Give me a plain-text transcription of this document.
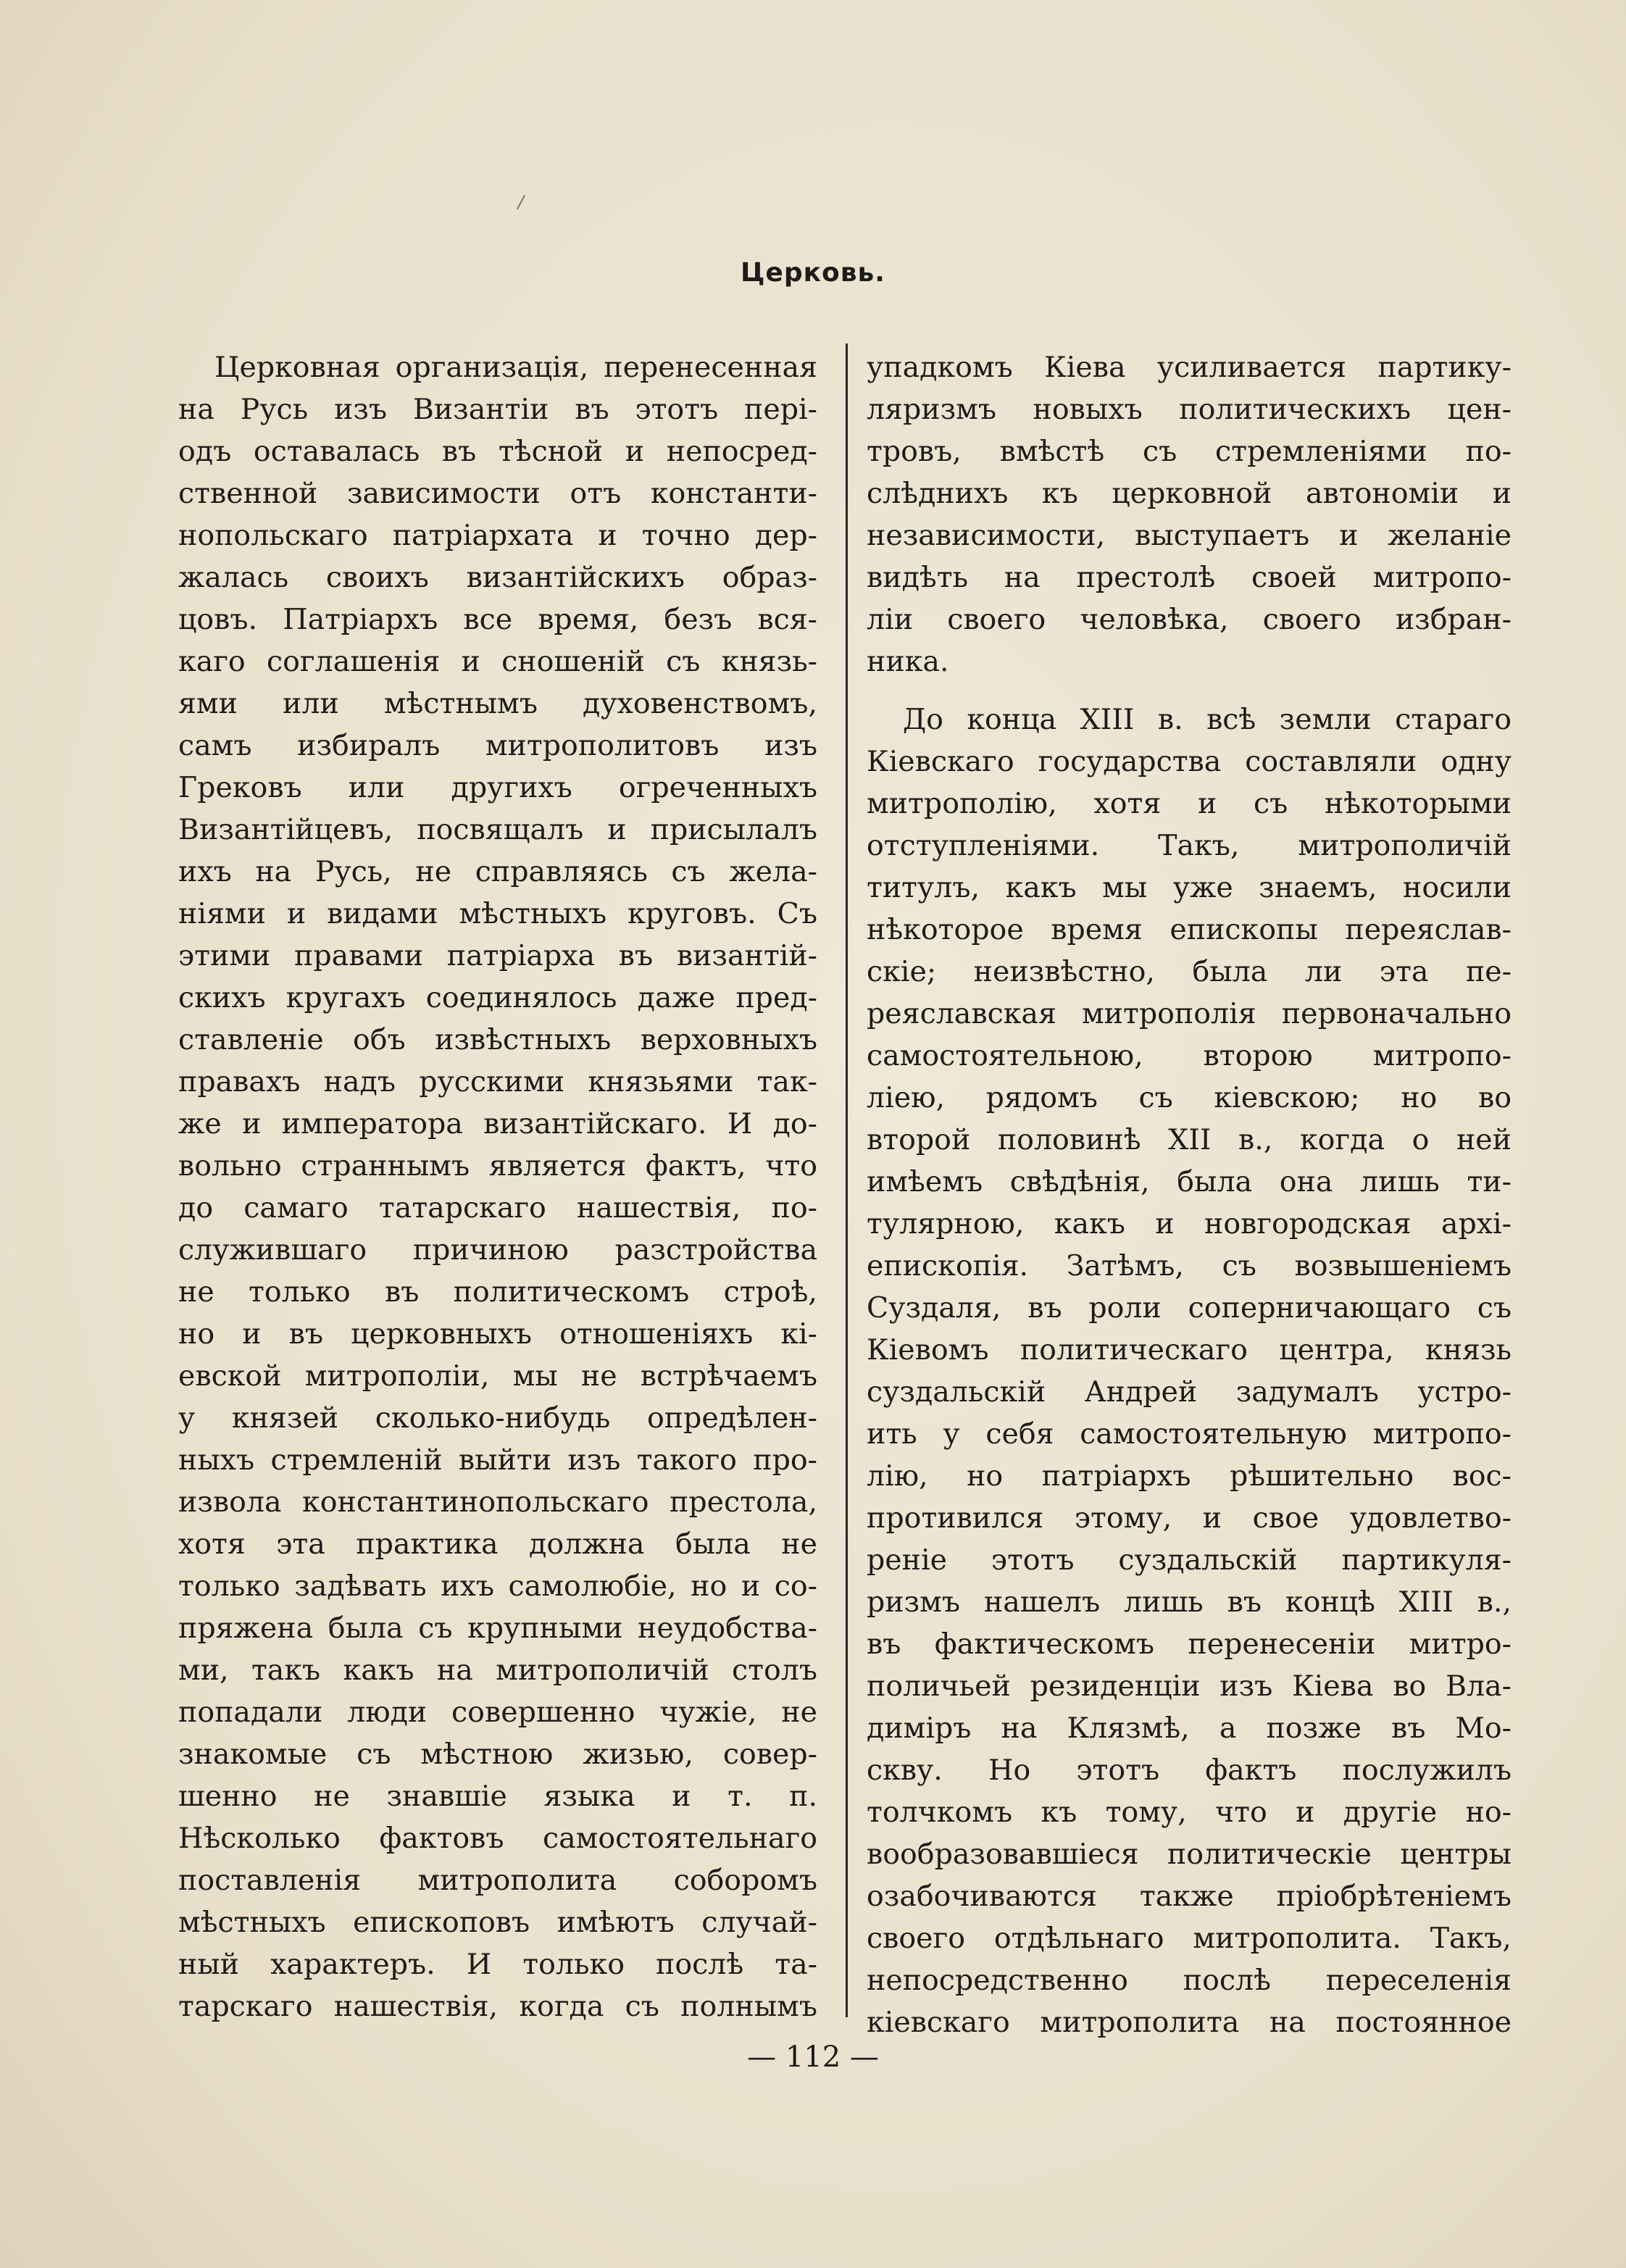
Церковь.
Церковная организація, перенесенная
на Русь изъ Византіи въ этотъ пері-
одъ оставалась въ тѣсной и непосред-
ственной зависимости отъ константи-
нопольскаго патріархата и точно дер-
жалась своихъ византійскихъ образ-
цовъ. Патріархъ все время, безъ вся-
каго соглашенія и сношеній съ князь-
ями или мѣстнымъ духовенствомъ,
самъ избиралъ митрополитовъ изъ
Грековъ или другихъ огреченныхъ
Византійцевъ, посвящалъ и присылалъ
ихъ на Русь, не справляясь съ жела-
ніями и видами мѣстныхъ круговъ. Съ
этими правами патріарха въ византій-
скихъ кругахъ соединялось даже пред-
ставленіе объ извѣстныхъ верховныхъ
правахъ надъ русскими князьями так-
же и императора византійскаго. И до-
вольно страннымъ является фактъ, что
до самаго татарскаго нашествія, по-
служившаго причиною разстройства
не только въ политическомъ строѣ,
но и въ церковныхъ отношеніяхъ кі-
евской митрополіи, мы не встрѣчаемъ
у князей сколько-нибудь опредѣлен-
ныхъ стремленій выйти изъ такого про-
извола константинопольскаго престола,
хотя эта практика должна была не
только задѣвать ихъ самолюбіе, но и со-
пряжена была съ крупными неудобства-
ми, такъ какъ на митрополичій столъ
попадали люди совершенно чужіе, не
знакомые съ мѣстною жизью, совер-
шенно не знавшіе языка и т. п.
Нѣсколько фактовъ самостоятельнаго
поставленія митрополита соборомъ
мѣстныхъ епископовъ имѣютъ случай-
ный характеръ. И только послѣ та-
тарскаго нашествія, когда съ полнымъ
упадкомъ Кіева усиливается партику-
ляризмъ новыхъ политическихъ цен-
тровъ, вмѣстѣ съ стремленіями по-
слѣднихъ къ церковной автономіи и
независимости, выступаетъ и желаніе
видѣть на престолѣ своей митропо-
ліи своего человѣка, своего избран-
ника.
До конца XIII в. всѣ земли стараго
Кіевскаго государства составляли одну
митрополію, хотя и съ нѣкоторыми
отступленіями. Такъ, митрополичій
титулъ, какъ мы уже знаемъ, носили
нѣкоторое время епископы переяслав-
скіе; неизвѣстно, была ли эта пе-
реяславская митрополія первоначально
самостоятельною, второю митропо-
ліею, рядомъ съ кіевскою; но во
второй половинѣ XII в., когда о ней
имѣемъ свѣдѣнія, была она лишь ти-
тулярною, какъ и новгородская архі-
епископія. Затѣмъ, съ возвышеніемъ
Суздаля, въ роли соперничающаго съ
Кіевомъ политическаго центра, князь
суздальскій Андрей задумалъ устро-
ить у себя самостоятельную митропо-
лію, но патріархъ рѣшительно вос-
противился этому, и свое удовлетво-
реніе этотъ суздальскій партикуля-
ризмъ нашелъ лишь въ концѣ XIII в.,
въ фактическомъ перенесеніи митро-
поличьей резиденціи изъ Кіева во Вла-
диміръ на Клязмѣ, а позже въ Мо-
скву. Но этотъ фактъ послужилъ
толчкомъ къ тому, что и другіе но-
вообразовавшіеся политическіе центры
озабочиваются также пріобрѣтеніемъ
своего отдѣльнаго митрополита. Такъ,
непосредственно послѣ переселенія
кіевскаго митрополита на постоянное
— 112 —
